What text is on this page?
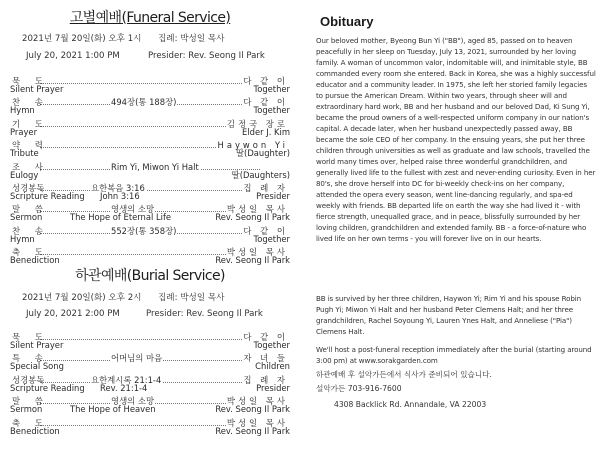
고별예배(Funeral Service)
2021년 7월 20일(화) 오후 1시 집례: 박성일 목사
July 20, 2021 1:00 PM	Presider: Rev. Seong Il Park
묵 도	다 같 이
Silent Prayer	Together
찬 송	494장(통 188장)	다 같 이
Hymn	Together
기 도	김정국 장로
Prayer	Elder J. Kim
약 력	Haywon Yi
Tribute	딸(Daughter)
조 사	Rim Yi, Miwon Yi Halt
Eulogy	딸(Daughters)
성경봉독	요한복음 3:16	집 례 자
Scripture Reading John 3:16	Presider
말 씀	영생의 소망	박성일 목사
Sermon	The Hope of Eternal Life	Rev. Seong Il Park
찬 송	552장(통 358장)	다 같 이
Hymn	Together
축 도	박성일 목사
Benediction	Rev. Seong Il Park
하관예배(Burial Service)
2021년 7월 20일(화) 오후 2시 집례: 박성일 목사
July 20, 2021 2:00 PM	Presider: Rev. Seong Il Park
묵 도	다 같 이
Silent Prayer	Together
특 송	어머님의 마음	자 녀 들
Special Song	Children
성경봉독	요한계시록 21:1-4	집 례 자
Scripture Reading Rev. 21:1-4	Presider
말 씀	영생의 소망	박성일 목사
Sermon	The Hope of Heaven	Rev. Seong Il Park
축 도	박성일 목사
Benediction	Rev. Seong Il Park
Obituary

Our beloved mother, Byeong Bun Yi ("BB"), aged 85, passed on to heaven peacefully in her sleep on Tuesday, July 13, 2021, surrounded by her loving family. A woman of uncommon valor, indomitable will, and inimitable style, BB commanded every room she entered. Back in Korea, she was a highly successful educator and a community leader. In 1975, she left her storied family legacies to pursue the American Dream. Within two years, through sheer will and extraordinary hard work, BB and her husband and our beloved Dad, Ki Sung Yi, became the proud owners of a well-respected uniform company in our nation's capital. A decade later, when her husband unexpectedly passed away, BB became the sole CEO of her company. In the ensuing years, she put her three children through universities as well as graduate and law schools, travelled the world many times over, helped raise three wonderful grandchildren, and generally lived life to the fullest with zest and never-ending curiosity. Even in her 80's, she drove herself into DC for bi-weekly check-ins on her company, attended the opera every season, went line-dancing regularly, and spa-ed weekly with friends. BB departed life on earth the way she had lived it - with fierce strength, unequalled grace, and in peace, blissfully surrounded by her loving children, grandchildren and extended family. BB - a force-of-nature who lived life on her own terms - you will forever live on in our hearts.

BB is survived by her three children, Haywon Yi; Rim Yi and his spouse Robin Pugh Yi; Miwon Yi Halt and her husband Peter Clemens Halt; and her three grandchildren, Rachel Soyoung Yi, Lauren Ynes Halt, and Anneliese ("Pia") Clemens Halt.

We'll host a post-funeral reception immediately after the burial (starting around 3:00 pm) at www.sorakgarden.com

하관예배 후 설악가든에서 식사가 준비되어 있습니다.
설악가든 703-916-7600
4308 Backlick Rd. Annandale, VA 22003
